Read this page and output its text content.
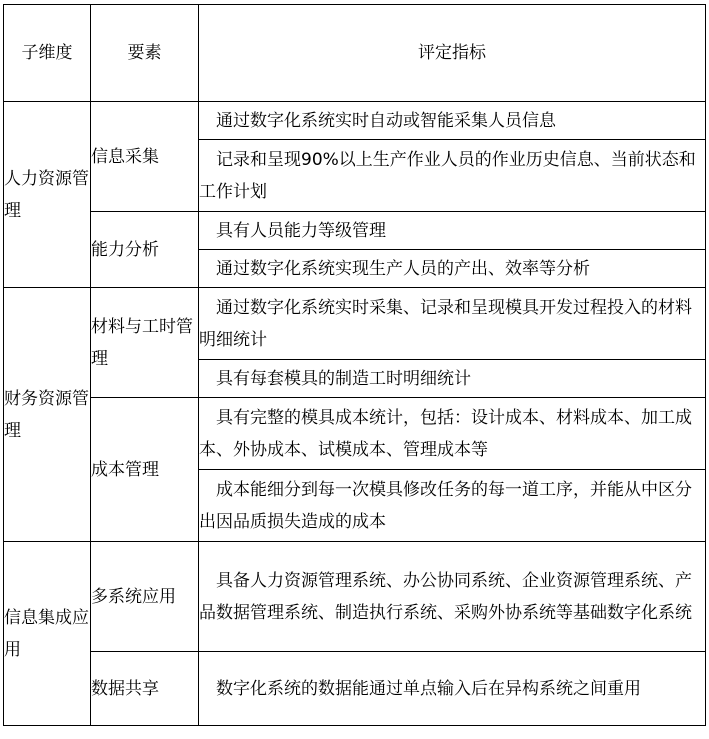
子维度	要素	评定指标

人力资源管理	信息采集	通过数字化系统实时自动或智能采集人员信息
		记录和呈现90%以上生产作业人员的作业历史信息、当前状态和工作计划

	能力分析	具有人员能力等级管理
		通过数字化系统实现生产人员的产出、效率等分析

财务资源管理	材料与工时管理	通过数字化系统实时采集、记录和呈现模具开发过程投入的材料明细统计
		具有每套模具的制造工时明细统计

	成本管理	具有完整的模具成本统计，包括：设计成本、材料成本、加工成本、外协成本、试模成本、管理成本等
		成本能细分到每一次模具修改任务的每一道工序，并能从中区分出因品质损失造成的成本

信息集成应用	多系统应用	具备人力资源管理系统、办公协同系统、企业资源管理系统、产品数据管理系统、制造执行系统、采购外协系统等基础数字化系统

	数据共享	数字化系统的数据能通过单点输入后在异构系统之间重用
